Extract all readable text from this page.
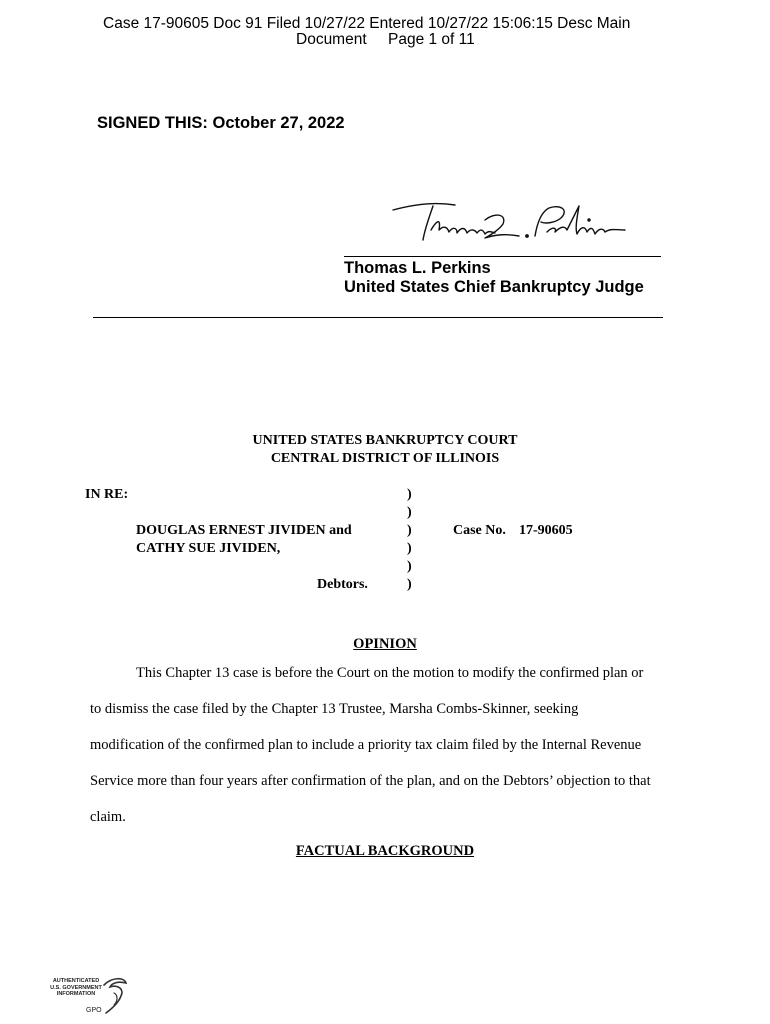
Case 17-90605 Doc 91 Filed 10/27/22 Entered 10/27/22 15:06:15 Desc Main
Document Page 1 of 11
SIGNED THIS: October 27, 2022
Thomas L. Perkins
United States Chief Bankruptcy Judge
UNITED STATES BANKRUPTCY COURT
CENTRAL DISTRICT OF ILLINOIS
IN RE:
DOUGLAS ERNEST JIVIDEN and
CATHY SUE JIVIDEN,
Debtors.
)
)
)
)
)
)
Case No. 17-90605
OPINION
This Chapter 13 case is before the Court on the motion to modify the confirmed plan or
to dismiss the case filed by the Chapter 13 Trustee, Marsha Combs-Skinner, seeking
modification of the confirmed plan to include a priority tax claim filed by the Internal Revenue
Service more than four years after confirmation of the plan, and on the Debtors’ objection to that
claim.
FACTUAL BACKGROUND
AUTHENTICATED
U.S. GOVERNMENT
INFORMATION
GPO
